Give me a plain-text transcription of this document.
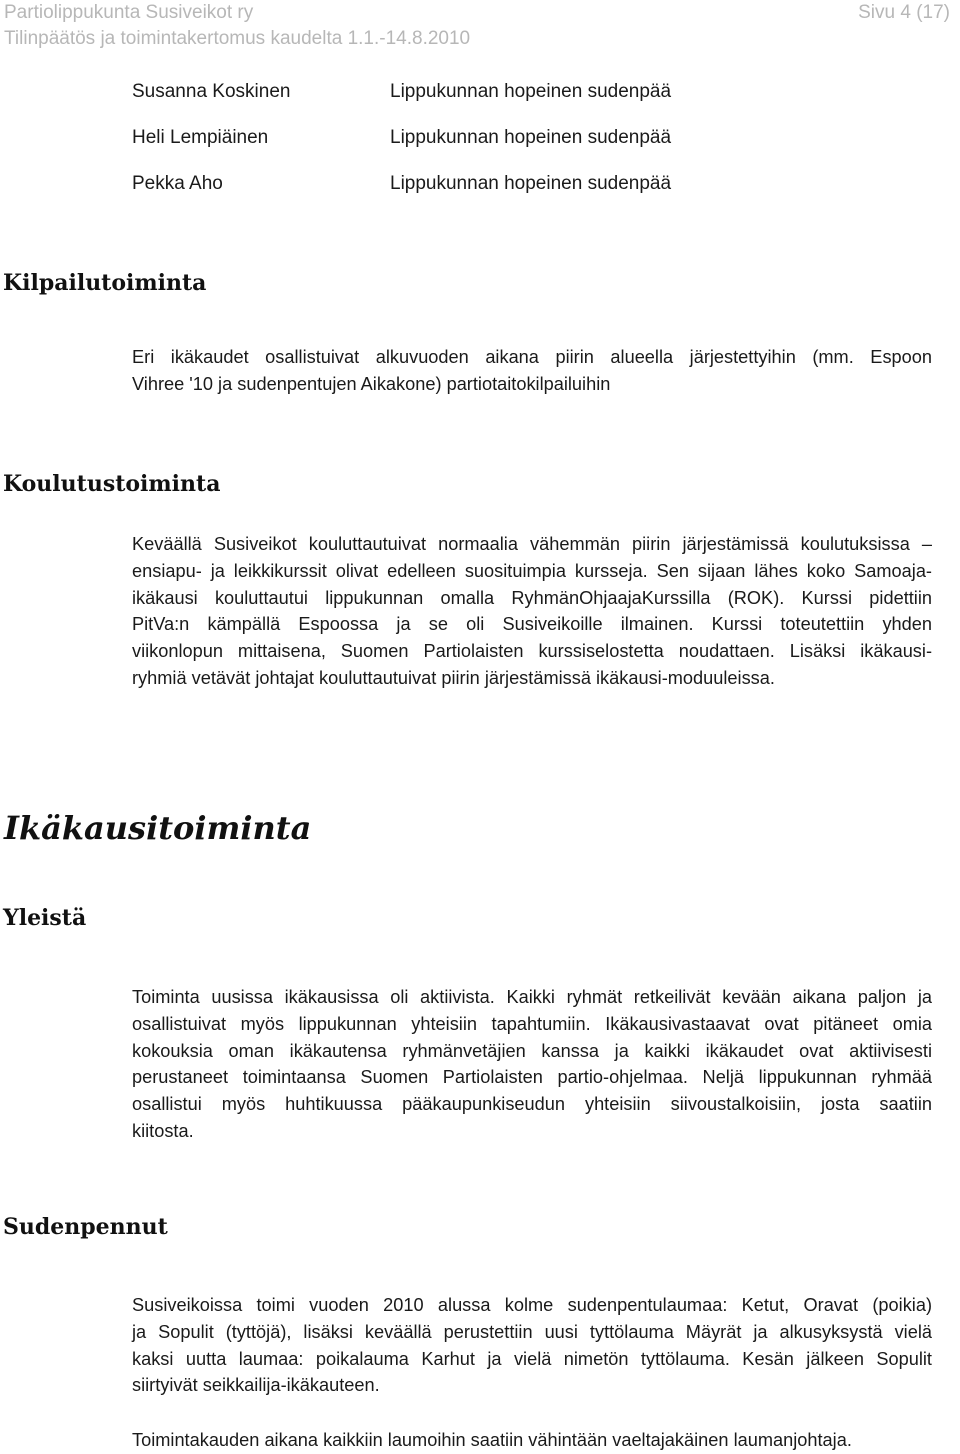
Partiolippukunta Susiveikot ry
Tilinpäätös ja toimintakertomus kaudelta 1.1.-14.8.2010
Sivu 4 (17)
Susanna Koskinen	Lippukunnan hopeinen sudenpää
Heli Lempiäinen	Lippukunnan hopeinen sudenpää
Pekka Aho	Lippukunnan hopeinen sudenpää
Kilpailutoiminta
Eri ikäkaudet osallistuivat alkuvuoden aikana piirin alueella järjestettyihin (mm. Espoon
Vihree '10 ja sudenpentujen Aikakone) partiotaitokilpailuihin
Koulutustoiminta
Keväällä Susiveikot kouluttautuivat normaalia vähemmän piirin järjestämissä koulutuksissa –
ensiapu- ja leikkikurssit olivat edelleen suosituimpia kursseja. Sen sijaan lähes koko Samoaja-
ikäkausi kouluttautui lippukunnan omalla RyhmänOhjaajaKurssilla (ROK). Kurssi pidettiin
PitVa:n kämpällä Espoossa ja se oli Susiveikoille ilmainen. Kurssi toteutettiin yhden
viikonlopun mittaisena, Suomen Partiolaisten kurssiselostetta noudattaen. Lisäksi ikäkausi-
ryhmiä vetävät johtajat kouluttautuivat piirin järjestämissä ikäkausi-moduuleissa.
Ikäkausitoiminta
Yleistä
Toiminta uusissa ikäkausissa oli aktiivista. Kaikki ryhmät retkeilivät kevään aikana paljon ja
osallistuivat myös lippukunnan yhteisiin tapahtumiin. Ikäkausivastaavat ovat pitäneet omia
kokouksia oman ikäkautensa ryhmänvetäjien kanssa ja kaikki ikäkaudet ovat aktiivisesti
perustaneet toimintaansa Suomen Partiolaisten partio-ohjelmaa. Neljä lippukunnan ryhmää
osallistui myös huhtikuussa pääkaupunkiseudun yhteisiin siivoustalkoisiin, josta saatiin
kiitosta.
Sudenpennut
Susiveikoissa toimi vuoden 2010 alussa kolme sudenpentulaumaa: Ketut, Oravat (poikia)
ja Sopulit (tyttöjä), lisäksi keväällä perustettiin uusi tyttölauma Mäyrät ja alkusyksystä vielä
kaksi uutta laumaa: poikalauma Karhut ja vielä nimetön tyttölauma. Kesän jälkeen Sopulit
siirtyivät seikkailija-ikäkauteen.
Toimintakauden aikana kaikkiin laumoihin saatiin vähintään vaeltajakäinen laumanjohtaja.
